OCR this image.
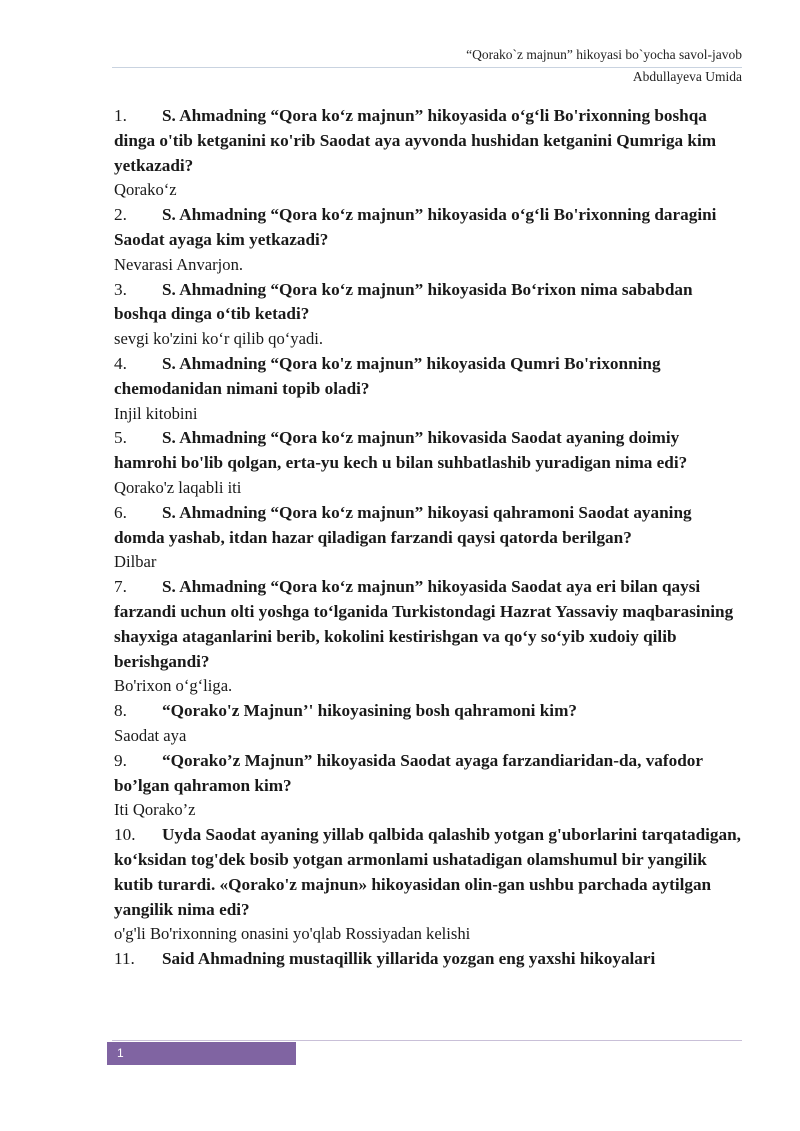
“Qorako`z majnun” hikoyasi bo`yocha savol-javob
Abdullayeva Umida

1. S. Ahmadning “Qora koʻz majnun” hikoyasida oʻgʻli Bo'rixonning boshqa dinga o'tib ketganini кo'rib Saodat aya ayvonda hushidan ketganini Qumriga kim yetkazadi?

Qorakoʻz

2. S. Ahmadning “Qora koʻz majnun” hikoyasida oʻgʻli Bo'rixonning daragini Saodat ayaga kim yetkazadi?

Nevarasi Anvarjon.

3. S. Ahmadning “Qora koʻz majnun” hikoyasida Boʻrixon nima sababdan boshqa dinga oʻtib ketadi?

sevgi ko'zini koʻr qilib qoʻyadi.

4. S. Ahmadning “Qora ko'z majnun” hikoyasida Qumri Bo'rixonning chemodanidan nimani topib oladi?

Injil kitobini

5. S. Ahmadning “Qora koʻz majnun” hikovasida Saodat ayaning doimiy hamrohi bo'lib qolgan, erta-yu kech u bilan suhbatlashib yuradigan nima edi?

Qorako'z laqabli iti

6. S. Ahmadning “Qora koʻz majnun” hikoyasi qahramoni Saodat ayaning domda yashab, itdan hazar qiladigan farzandi qaysi qatorda berilgan?

Dilbar

7. S. Ahmadning “Qora koʻz majnun” hikoyasida Saodat aya eri bilan qaysi farzandi uchun olti yoshga toʻlganida Turkistondagi Hazrat Yassaviy maqbarasining shayxiga ataganlarini berib, kokolini kestirishgan va qoʻy soʻyib xudoiy qilib berishgandi?

Bo'rixon oʻgʻliga.

8. “Qorako'z Majnun’' hikoyasining bosh qahramoni kim?

Saodat aya

9. “Qorako’z Majnun” hikoyasida Saodat ayaga farzandiaridan-da, vafodor bo’lgan qahramon kim?

Iti Qorako’z

10. Uyda Saodat ayaning yillab qalbida qalashib yotgan g'uborlarini tarqatadigan, koʻksidan tog'dek bosib yotgan armonlami ushatadigan olamshumul bir yangilik kutib turardi. «Qorako'z majnun» hikoyasidan olin-gan ushbu parchada aytilgan yangilik nima edi?

o'g'li Bo'rixonning onasini yo'qlab Rossiyadan kelishi

11. Said Ahmadning mustaqillik yillarida yozgan eng yaxshi hikoyalari

1
